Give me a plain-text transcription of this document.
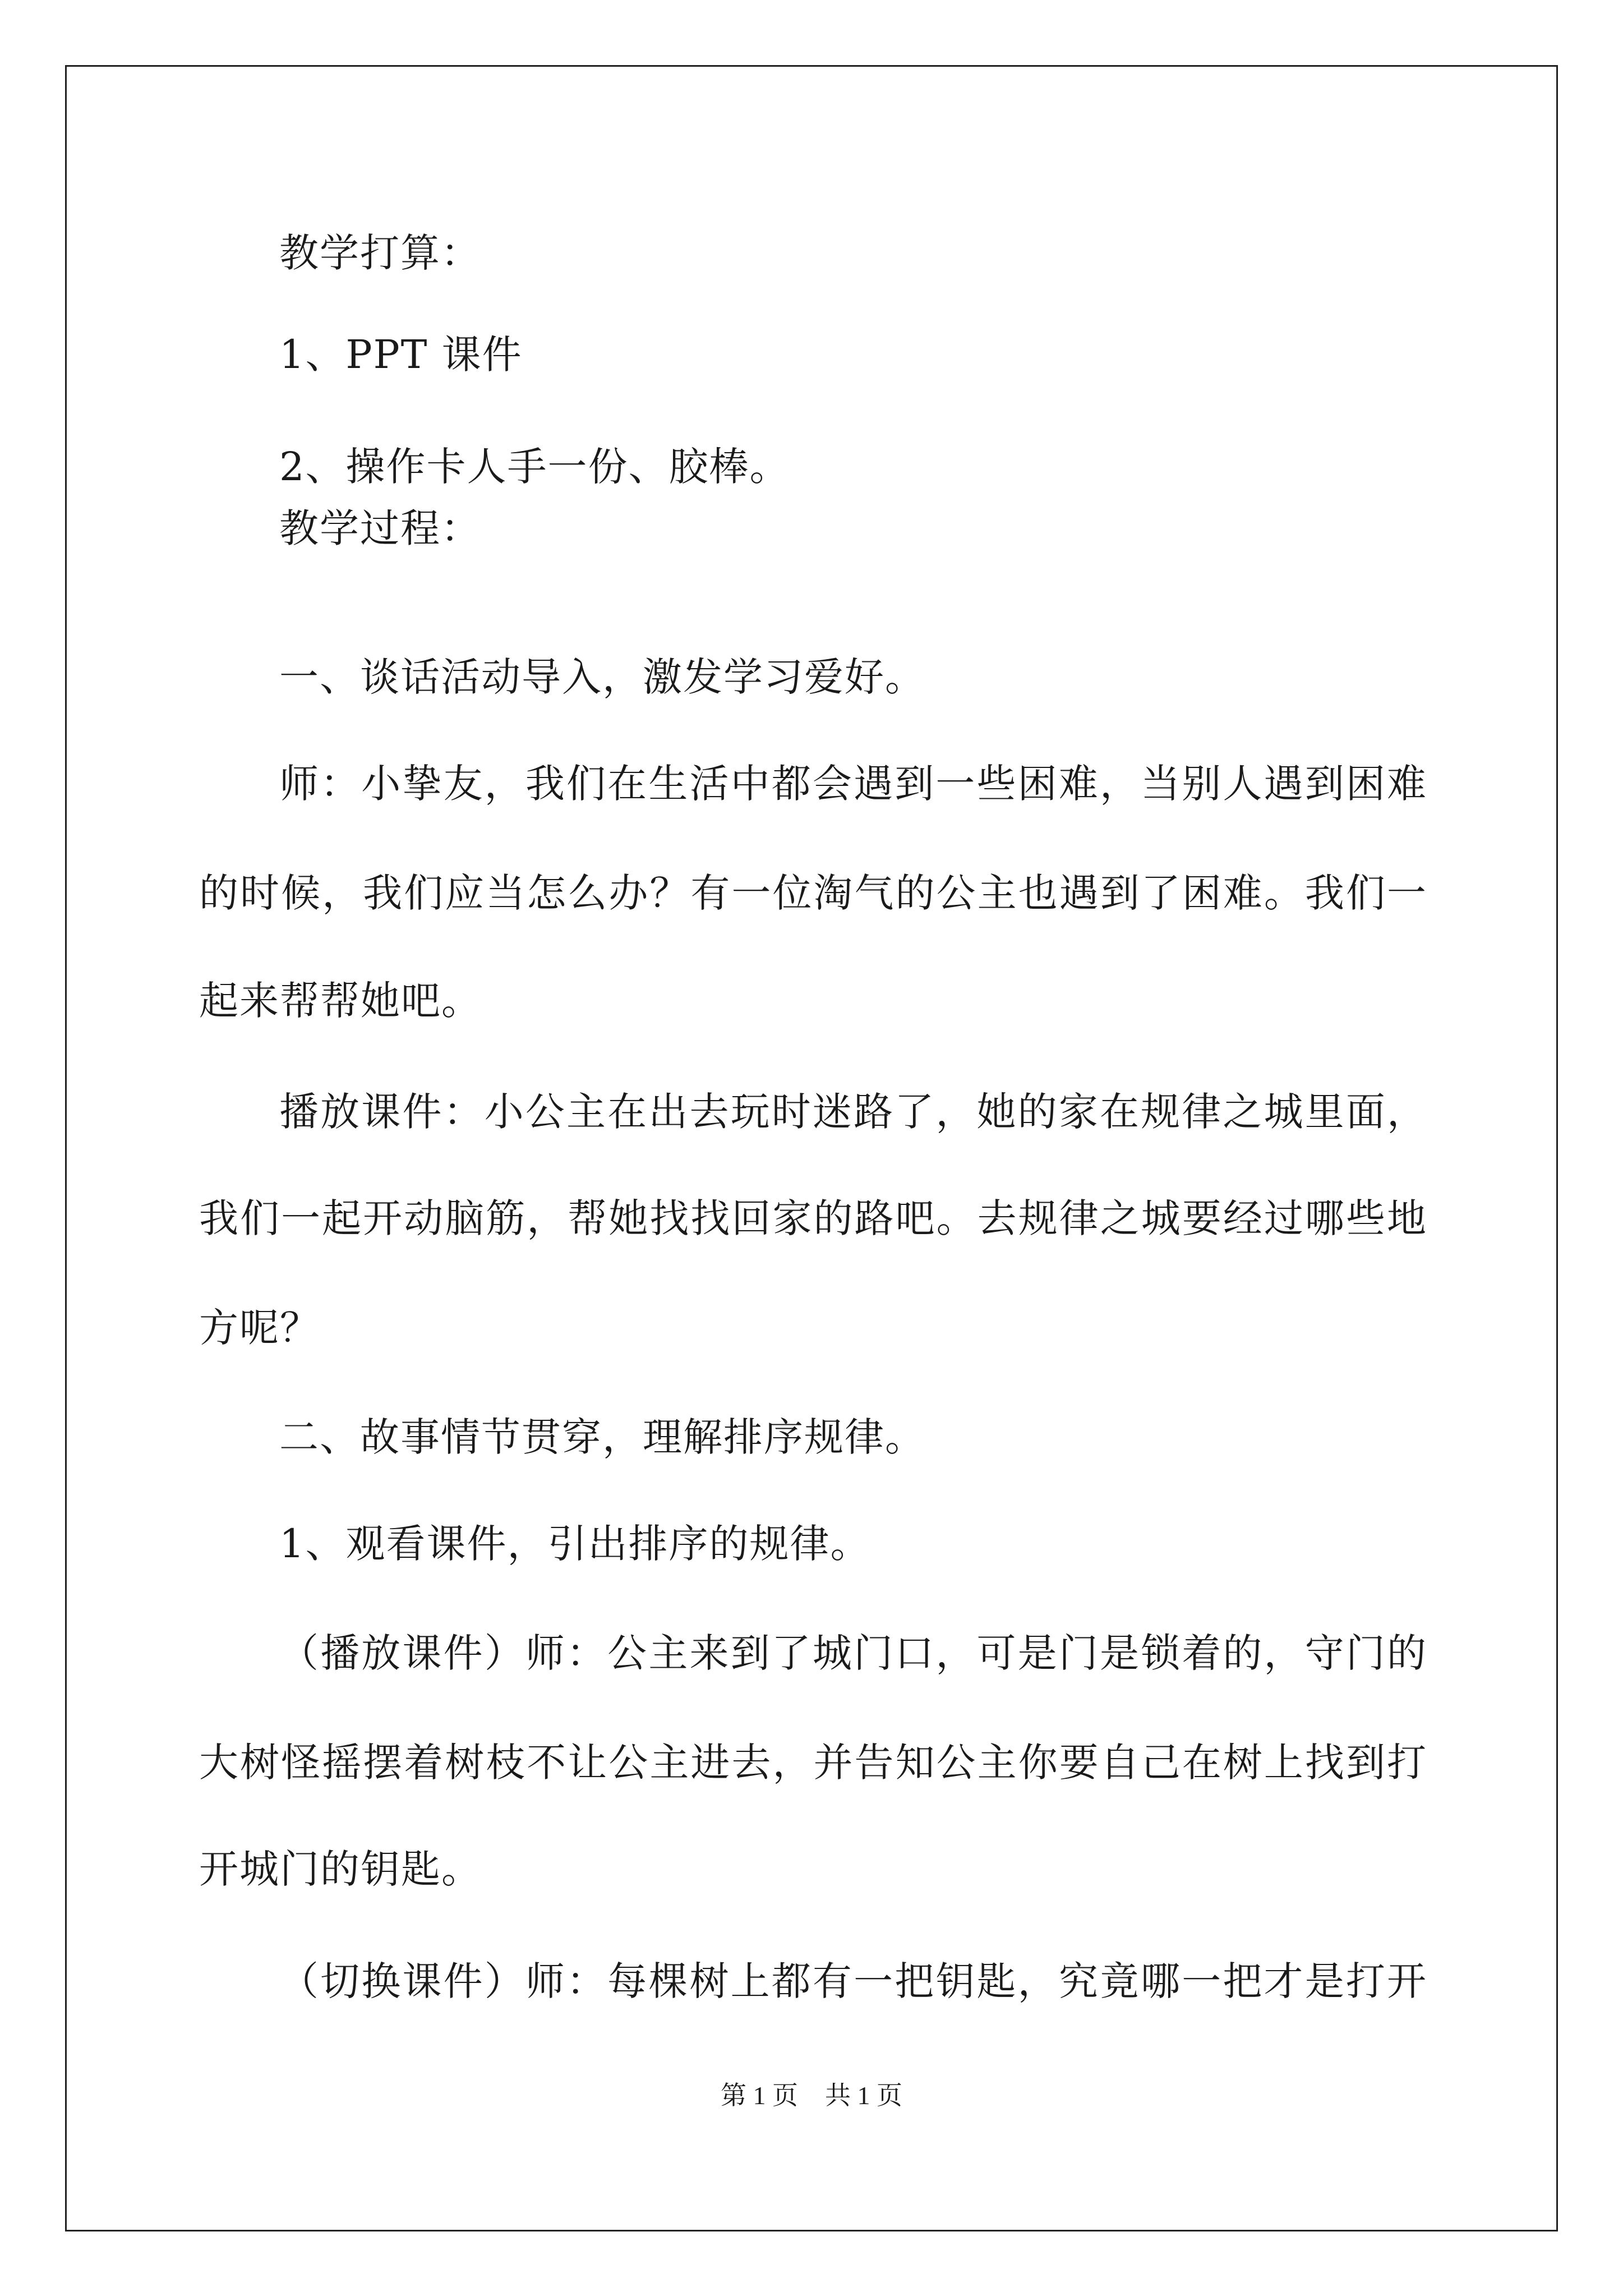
教学打算：
1、PPT 课件
2、操作卡人手一份、胶棒。
教学过程：
一、谈话活动导入，激发学习爱好。
师：小挚友，我们在生活中都会遇到一些困难，当别人遇到困难
的时候，我们应当怎么办？有一位淘气的公主也遇到了困难。我们一
起来帮帮她吧。
播放课件：小公主在出去玩时迷路了，她的家在规律之城里面，
我们一起开动脑筋，帮她找找回家的路吧。去规律之城要经过哪些地
方呢？
二、故事情节贯穿，理解排序规律。
1、观看课件，引出排序的规律。
（播放课件）师：公主来到了城门口，可是门是锁着的，守门的
大树怪摇摆着树枝不让公主进去，并告知公主你要自己在树上找到打
开城门的钥匙。
（切换课件）师：每棵树上都有一把钥匙，究竟哪一把才是打开
第 1 页 共 1 页
